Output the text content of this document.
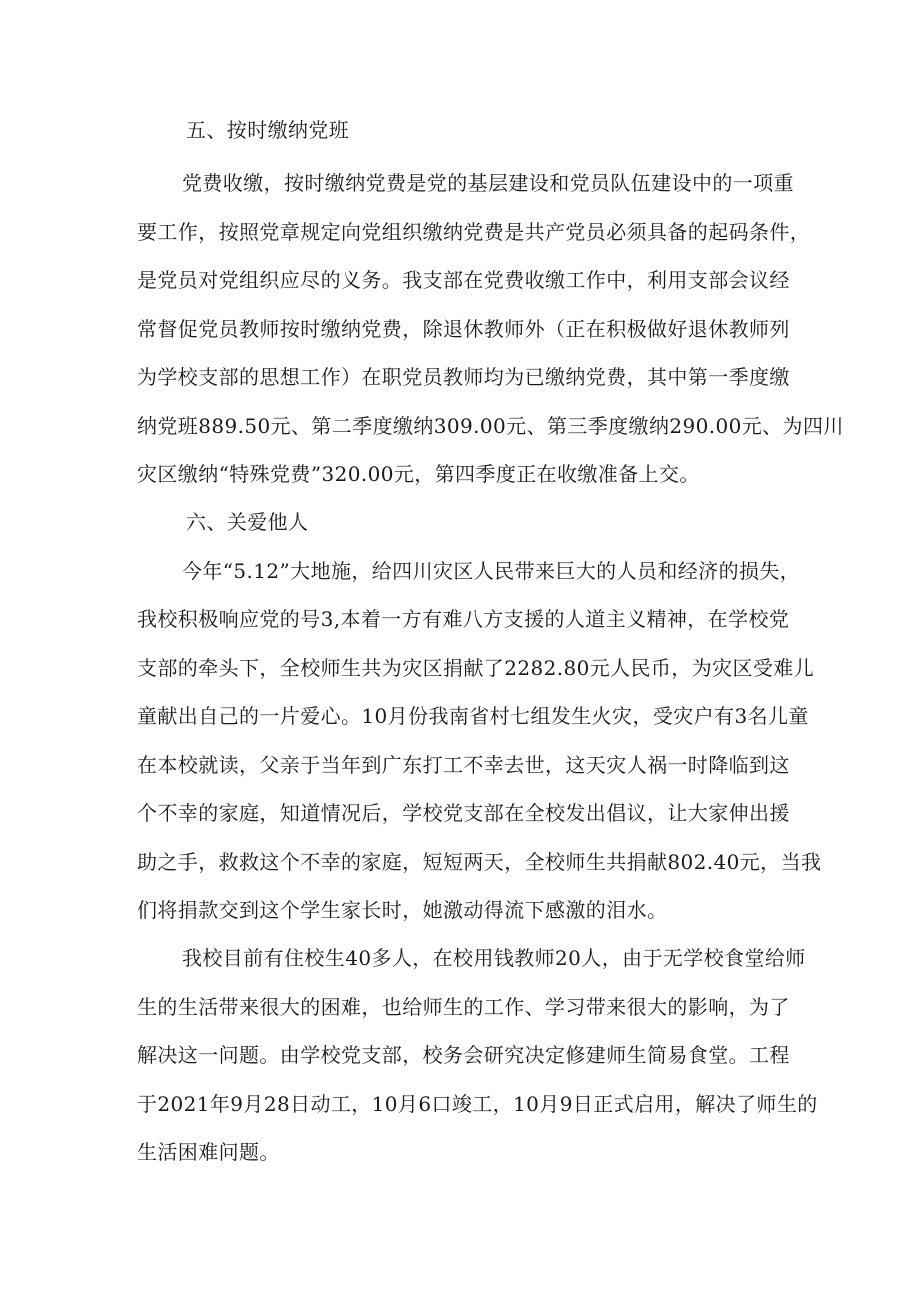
五、按时缴纳党班
党费收缴，按时缴纳党费是党的基层建设和党员队伍建设中的一项重
要工作，按照党章规定向党组织缴纳党费是共产党员必须具备的起码条件，
是党员对党组织应尽的义务。我支部在党费收缴工作中，利用支部会议经
常督促党员教师按时缴纳党费，除退休教师外（正在积极做好退休教师列
为学校支部的思想工作）在职党员教师均为已缴纳党费，其中第一季度缴
纳党班889.50元、第二季度缴纳309.00元、第三季度缴纳290.00元、为四川
灾区缴纳“特殊党费”320.00元，第四季度正在收缴准备上交。
六、关爱他人
今年“5.12”大地施，给四川灾区人民带来巨大的人员和经济的损失，
我校积极响应党的号3,本着一方有难八方支援的人道主义精神，在学校党
支部的牵头下，全校师生共为灾区捐献了2282.80元人民币，为灾区受难儿
童献出自己的一片爱心。10月份我南省村七组发生火灾，受灾户有3名儿童
在本校就读，父亲于当年到广东打工不幸去世，这天灾人祸一时降临到这
个不幸的家庭，知道情况后，学校党支部在全校发出倡议，让大家伸出援
助之手，救救这个不幸的家庭，短短两天，全校师生共捐献802.40元，当我
们将捐款交到这个学生家长时，她激动得流下感激的泪水。
我校目前有住校生40多人，在校用钱教师20人，由于无学校食堂给师
生的生活带来很大的困难，也给师生的工作、学习带来很大的影响，为了
解决这一问题。由学校党支部，校务会研究决定修建师生简易食堂。工程
于2021年9月28日动工，10月6口竣工，10月9日正式启用，解决了师生的
生活困难问题。
